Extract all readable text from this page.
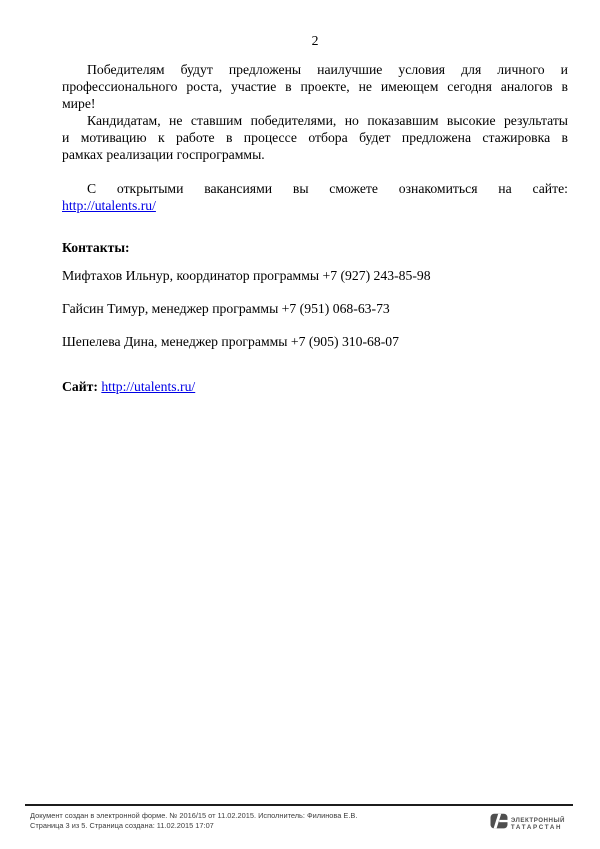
2
Победителям будут предложены наилучшие условия для личного и
профессионального роста, участие в проекте, не имеющем сегодня аналогов в
мире!
Кандидатам, не ставшим победителями, но показавшим высокие результаты
и мотивацию к работе в процессе отбора будет предложена стажировка в
рамках реализации госпрограммы.
С открытыми вакансиями вы сможете ознакомиться на сайте:
http://utalents.ru/
Контакты:
Мифтахов Ильнур, координатор программы +7 (927) 243-85-98
Гайсин Тимур, менеджер программы +7 (951) 068-63-73
Шепелева Дина, менеджер программы +7 (905) 310-68-07
Сайт: http://utalents.ru/
Документ создан в электронной форме. № 2016/15 от 11.02.2015. Исполнитель: Филинова Е.В.
Страница 3 из 5. Страница создана: 11.02.2015 17:07
ЭЛЕКТРОННЫЙ
ТАТАРСТАН
